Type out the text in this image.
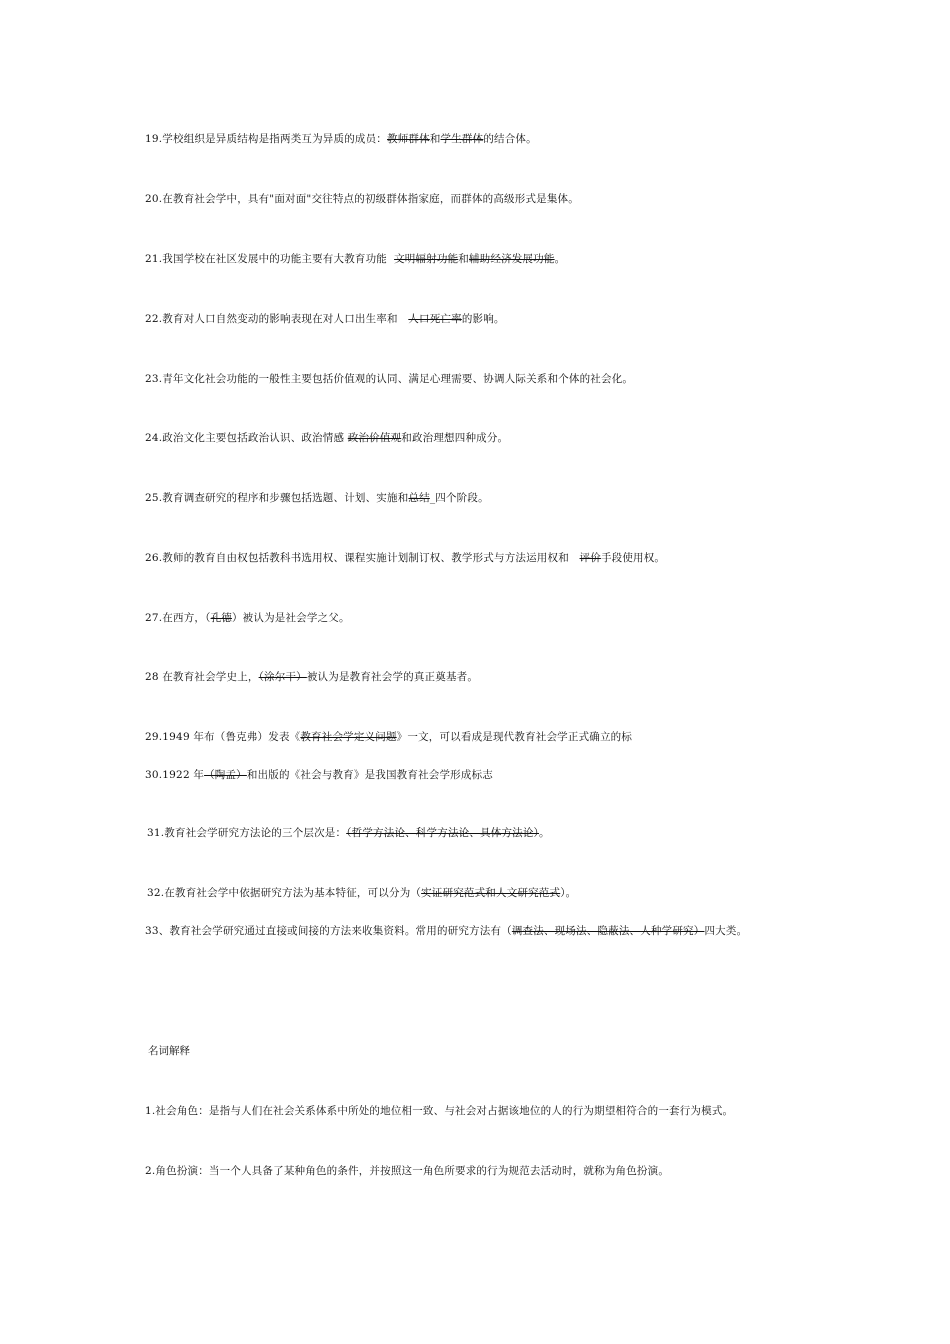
19.学校组织是异质结构是指两类互为异质的成员：教师群体和学生群体的结合体。
20.在教育社会学中，具有"面对面"交往特点的初级群体指家庭，而群体的高级形式是集体。
21.我国学校在社区发展中的功能主要有大教育功能 文明辐射功能和辅助经济发展功能。
22.教育对人口自然变动的影响表现在对人口出生率和 人口死亡率的影响。
23.青年文化社会功能的一般性主要包括价值观的认同、满足心理需要、协调人际关系和个体的社会化。
24.政治文化主要包括政治认识、政治情感 政治价值观和政治理想四种成分。
25.教育调查研究的程序和步骤包括选题、计划、实施和总结_四个阶段。
26.教师的教育自由权包括教科书选用权、课程实施计划制订权、教学形式与方法运用权和 评价手段使用权。
27.在西方，（孔德）被认为是社会学之父。
28 在教育社会学史上，（涂尔干）被认为是教育社会学的真正奠基者。
29.1949 年布（鲁克弗）发表《教育社会学定义问题》一文，可以看成是现代教育社会学正式确立的标
30.1922 年（陶孟）和出版的《社会与教育》是我国教育社会学形成标志
31.教育社会学研究方法论的三个层次是：（哲学方法论、科学方法论、具体方法论）。
32.在教育社会学中依据研究方法为基本特征，可以分为（实证研究范式和人文研究范式）。
33、教育社会学研究通过直接或间接的方法来收集资料。常用的研究方法有（调查法、现场法、隐蔽法、人种学研究）四大类。
名词解释
1.社会角色：是指与人们在社会关系体系中所处的地位相一致、与社会对占据该地位的人的行为期望相符合的一套行为模式。
2.角色扮演：当一个人具备了某种角色的条件，并按照这一角色所要求的行为规范去活动时，就称为角色扮演。
